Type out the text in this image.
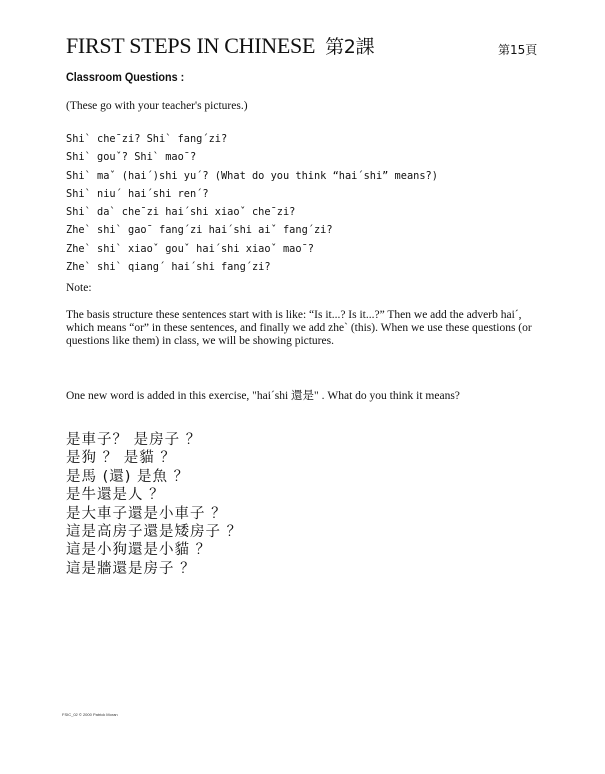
FIRST STEPS IN CHINESE 第2課	第15頁
Classroom Questions :
(These go with your teacher's pictures.)
Shi` che¯zi? Shi` fang´zi?
Shi` gouˇ? Shi` mao¯?
Shi` maˇ (hai´)shi yu´? (What do you think “hai´shi” means?)
Shi` niu´ hai´shi ren´?
Shi` da` che¯zi hai´shi xiaoˇ che¯zi?
Zhe` shi` gao¯ fang´zi hai´shi aiˇ fang´zi?
Zhe` shi` xiaoˇ gouˇ hai´shi xiaoˇ mao¯?
Zhe` shi` qiang´ hai´shi fang´zi?
Note:
The basis structure these sentences start with is like: “Is it...? Is it...?” Then we add the adverb hai´, which means “or” in these sentences, and finally we add zhe` (this). When we use these questions (or questions like them) in class, we will be showing pictures.
One new word is added in this exercise, "hai´shi 還是" . What do you think it means?
是車子？ 是房子 ？
是狗 ？ 是貓 ？
是馬 (還) 是魚 ？
是牛還是人 ？
是大車子還是小車子 ？
這是高房子還是矮房子 ？
這是小狗還是小貓 ？
這是牆還是房子 ？
FSIC_02 © 2000 Patrick Moran
